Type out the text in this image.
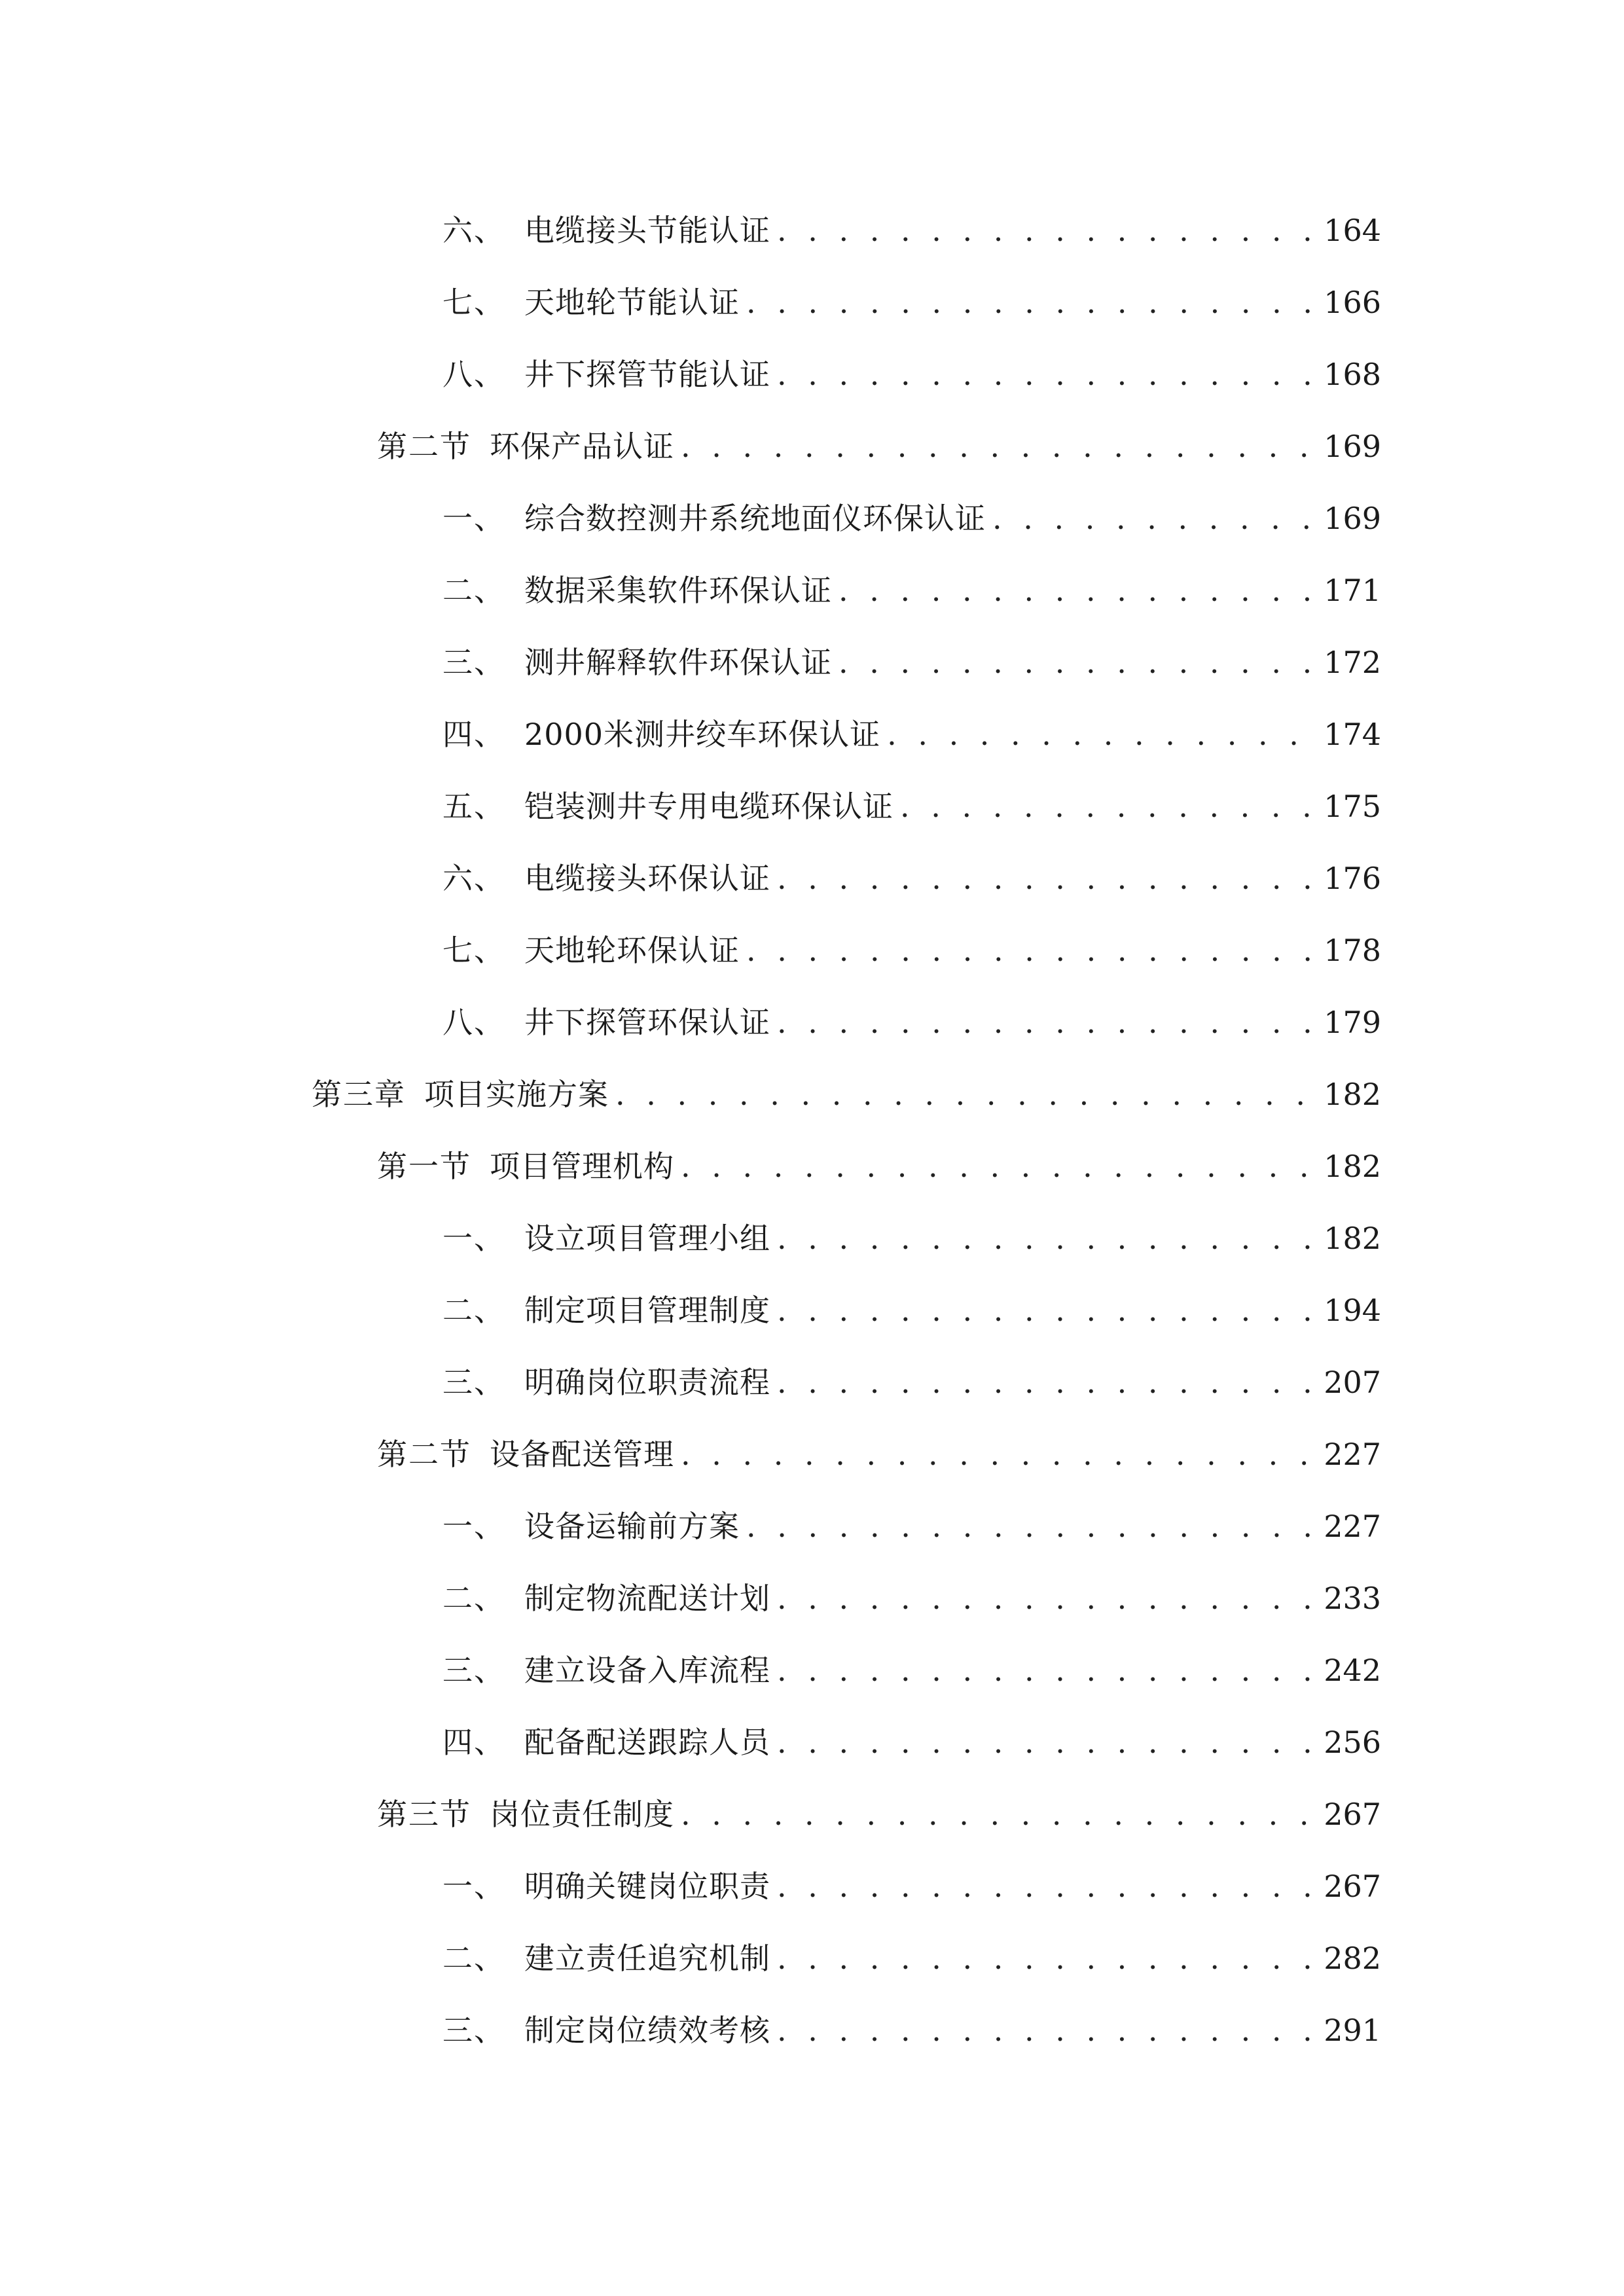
六、 电缆接头节能认证 . . .	164
七、 天地轮节能认证 . . .	166
八、 井下探管节能认证 . . .	168
第二节 环保产品认证 . . .	169
一、 综合数控测井系统地面仪环保认证 . . .	169
二、 数据采集软件环保认证 . . .	171
三、 测井解释软件环保认证 . . .	172
四、 2000米测井绞车环保认证 . . .	174
五、 铠装测井专用电缆环保认证 . . .	175
六、 电缆接头环保认证 . . .	176
七、 天地轮环保认证 . . .	178
八、 井下探管环保认证 . . .	179
第三章 项目实施方案 . . .	182
第一节 项目管理机构 . . .	182
一、 设立项目管理小组 . . .	182
二、 制定项目管理制度 . . .	194
三、 明确岗位职责流程 . . .	207
第二节 设备配送管理 . . .	227
一、 设备运输前方案 . . .	227
二、 制定物流配送计划 . . .	233
三、 建立设备入库流程 . . .	242
四、 配备配送跟踪人员 . . .	256
第三节 岗位责任制度 . . .	267
一、 明确关键岗位职责 . . .	267
二、 建立责任追究机制 . . .	282
三、 制定岗位绩效考核 . . .	291
